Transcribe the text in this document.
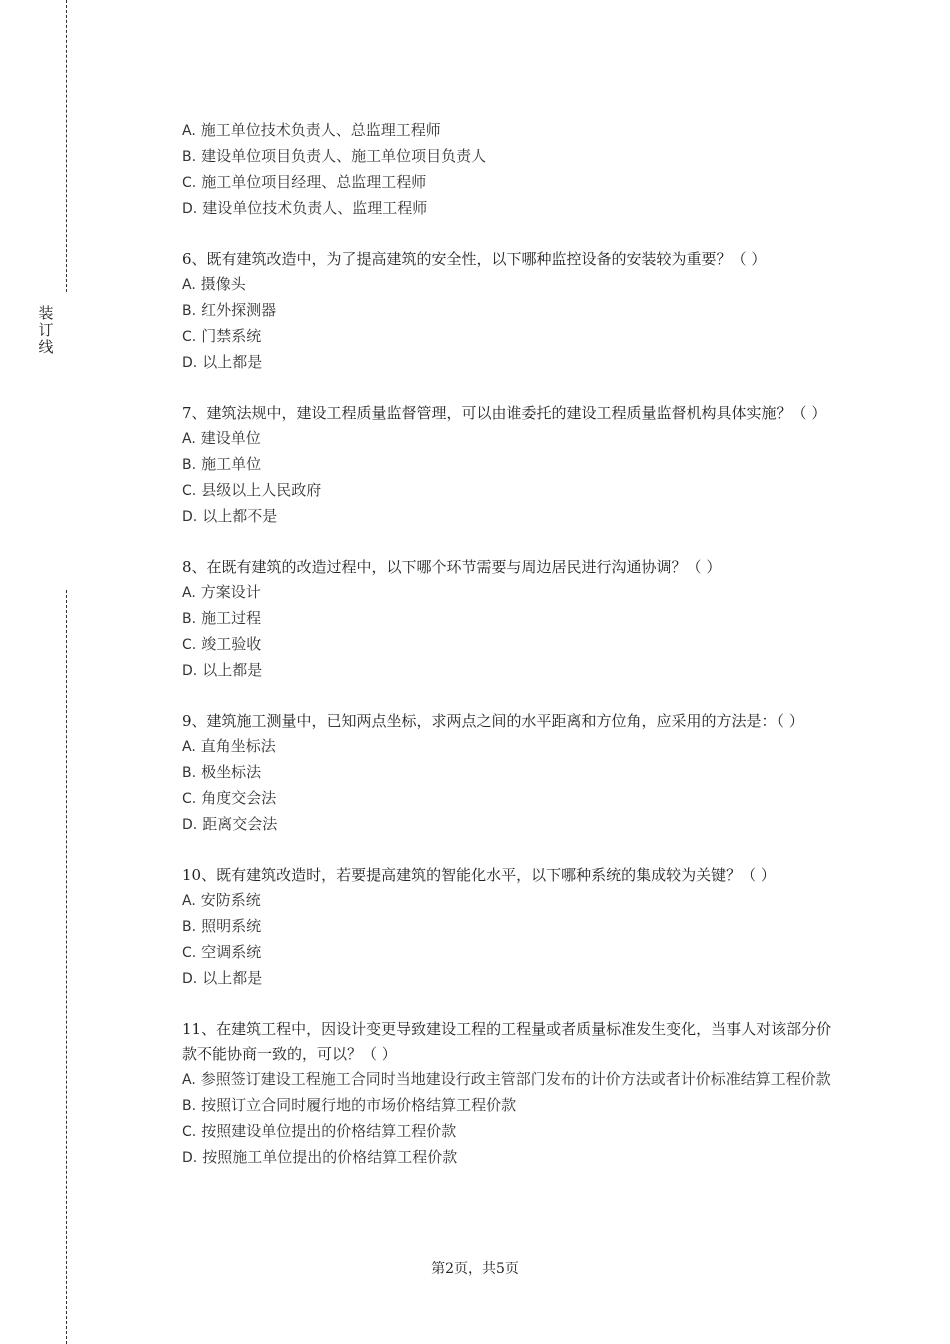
装
订
线

A. 施工单位技术负责人、总监理工程师

B. 建设单位项目负责人、施工单位项目负责人

C. 施工单位项目经理、总监理工程师

D. 建设单位技术负责人、监理工程师

6、既有建筑改造中，为了提高建筑的安全性，以下哪种监控设备的安装较为重要？（ ）

A. 摄像头

B. 红外探测器

C. 门禁系统

D. 以上都是

7、建筑法规中，建设工程质量监督管理，可以由谁委托的建设工程质量监督机构具体实施？（ ）

A. 建设单位

B. 施工单位

C. 县级以上人民政府

D. 以上都不是

8、在既有建筑的改造过程中，以下哪个环节需要与周边居民进行沟通协调？（ ）

A. 方案设计

B. 施工过程

C. 竣工验收

D. 以上都是

9、建筑施工测量中，已知两点坐标，求两点之间的水平距离和方位角，应采用的方法是：（ ）

A. 直角坐标法

B. 极坐标法

C. 角度交会法

D. 距离交会法

10、既有建筑改造时，若要提高建筑的智能化水平，以下哪种系统的集成较为关键？（ ）

A. 安防系统

B. 照明系统

C. 空调系统

D. 以上都是

11、在建筑工程中，因设计变更导致建设工程的工程量或者质量标准发生变化，当事人对该部分价款不能协商一致的，可以？（ ）

A. 参照签订建设工程施工合同时当地建设行政主管部门发布的计价方法或者计价标准结算工程价款

B. 按照订立合同时履行地的市场价格结算工程价款

C. 按照建设单位提出的价格结算工程价款

D. 按照施工单位提出的价格结算工程价款

第2页，共5页
